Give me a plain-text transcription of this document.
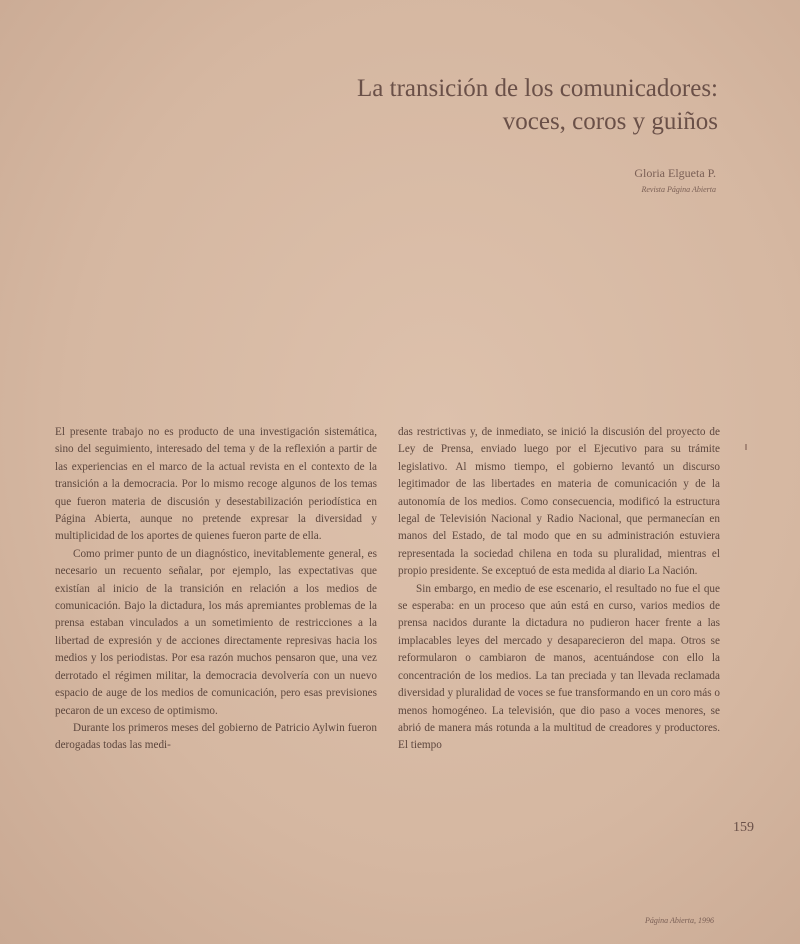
La transición de los comunicadores:
voces, coros y guiños
Gloria Elgueta P.
Revista Página Abierta

El presente trabajo no es producto de una investigación sistemática, sino del seguimiento, interesado del tema y de la reflexión a partir de las experiencias en el marco de la actual revista en el contexto de la transición a la democracia. Por lo mismo recoge algunos de los temas que fueron materia de discusión y desestabilización periodística en Página Abierta, aunque no pretende expresar la diversidad y multiplicidad de los aportes de quienes fueron parte de ella.

Como primer punto de un diagnóstico, inevitablemente general, es necesario un recuento señalar, por ejemplo, las expectativas que existían al inicio de la transición en relación a los medios de comunicación. Bajo la dictadura, los más apremiantes problemas de la prensa estaban vinculados a un sometimiento de restricciones a la libertad de expresión y de acciones directamente represivas hacia los medios y los periodistas. Por esa razón muchos pensaron que, una vez derrotado el régimen militar, la democracia devolvería con un nuevo espacio de auge de los medios de comunicación, pero esas previsiones pecaron de un exceso de optimismo.

Durante los primeros meses del gobierno de Patricio Aylwin fueron derogadas todas las medi-

das restrictivas y, de inmediato, se inició la discusión del proyecto de Ley de Prensa, enviado luego por el Ejecutivo para su trámite legislativo. Al mismo tiempo, el gobierno levantó un discurso legitimador de las libertades en materia de comunicación y de la autonomía de los medios. Como consecuencia, modificó la estructura legal de Televisión Nacional y Radio Nacional, que permanecían en manos del Estado, de tal modo que en su administración estuviera representada la sociedad chilena en toda su pluralidad, mientras el propio presidente. Se exceptuó de esta medida al diario La Nación.

Sin embargo, en medio de ese escenario, el resultado no fue el que se esperaba: en un proceso que aún está en curso, varios medios de prensa nacidos durante la dictadura no pudieron hacer frente a las implacables leyes del mercado y desaparecieron del mapa. Otros se reformularon o cambiaron de manos, acentuándose con ello la concentración de los medios. La tan preciada y tan llevada reclamada diversidad y pluralidad de voces se fue transformando en un coro más o menos homogéneo. La televisión, que dio paso a voces menores, se abrió de manera más rotunda a la multitud de creadores y productores. El tiempo

159
Página Abierta, 1996
